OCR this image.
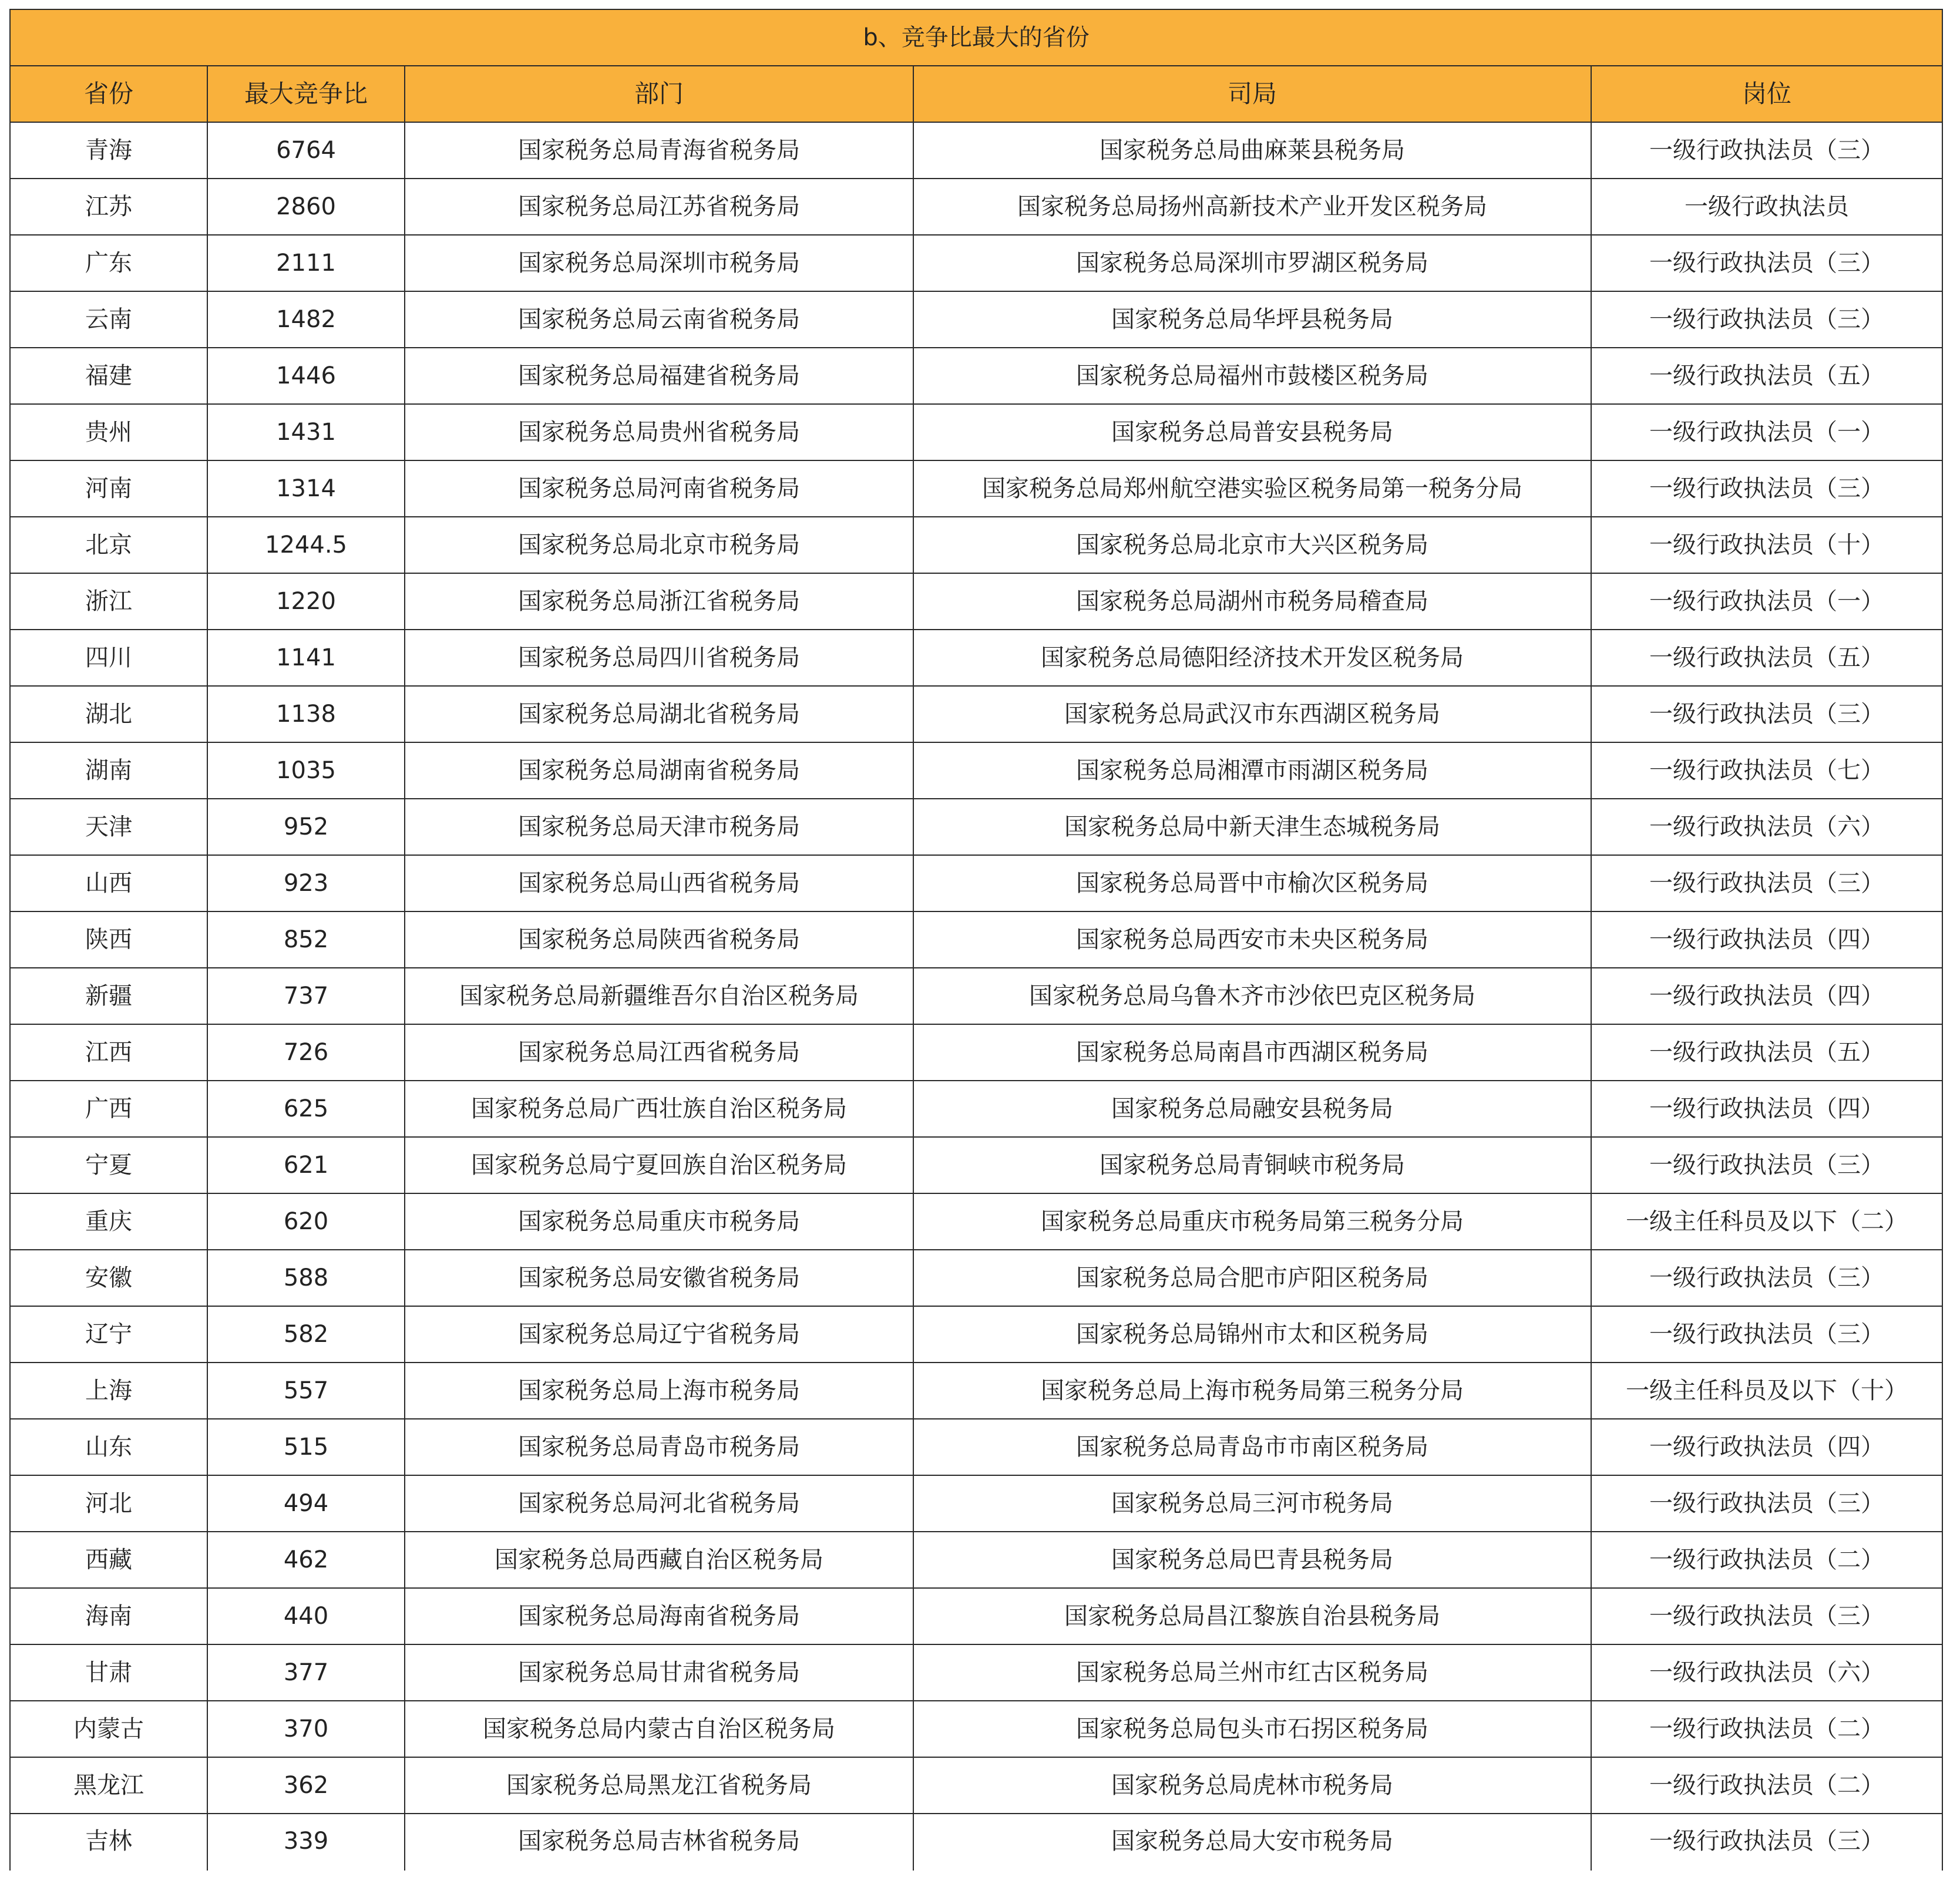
b、竞争比最大的省份				
省份	最大竞争比	部门	司局	岗位
青海	6764	国家税务总局青海省税务局	国家税务总局曲麻莱县税务局	一级行政执法员（三）
江苏	2860	国家税务总局江苏省税务局	国家税务总局扬州高新技术产业开发区税务局	一级行政执法员
广东	2111	国家税务总局深圳市税务局	国家税务总局深圳市罗湖区税务局	一级行政执法员（三）
云南	1482	国家税务总局云南省税务局	国家税务总局华坪县税务局	一级行政执法员（三）
福建	1446	国家税务总局福建省税务局	国家税务总局福州市鼓楼区税务局	一级行政执法员（五）
贵州	1431	国家税务总局贵州省税务局	国家税务总局普安县税务局	一级行政执法员（一）
河南	1314	国家税务总局河南省税务局	国家税务总局郑州航空港实验区税务局第一税务分局	一级行政执法员（三）
北京	1244.5	国家税务总局北京市税务局	国家税务总局北京市大兴区税务局	一级行政执法员（十）
浙江	1220	国家税务总局浙江省税务局	国家税务总局湖州市税务局稽查局	一级行政执法员（一）
四川	1141	国家税务总局四川省税务局	国家税务总局德阳经济技术开发区税务局	一级行政执法员（五）
湖北	1138	国家税务总局湖北省税务局	国家税务总局武汉市东西湖区税务局	一级行政执法员（三）
湖南	1035	国家税务总局湖南省税务局	国家税务总局湘潭市雨湖区税务局	一级行政执法员（七）
天津	952	国家税务总局天津市税务局	国家税务总局中新天津生态城税务局	一级行政执法员（六）
山西	923	国家税务总局山西省税务局	国家税务总局晋中市榆次区税务局	一级行政执法员（三）
陕西	852	国家税务总局陕西省税务局	国家税务总局西安市未央区税务局	一级行政执法员（四）
新疆	737	国家税务总局新疆维吾尔自治区税务局	国家税务总局乌鲁木齐市沙依巴克区税务局	一级行政执法员（四）
江西	726	国家税务总局江西省税务局	国家税务总局南昌市西湖区税务局	一级行政执法员（五）
广西	625	国家税务总局广西壮族自治区税务局	国家税务总局融安县税务局	一级行政执法员（四）
宁夏	621	国家税务总局宁夏回族自治区税务局	国家税务总局青铜峡市税务局	一级行政执法员（三）
重庆	620	国家税务总局重庆市税务局	国家税务总局重庆市税务局第三税务分局	一级主任科员及以下（二）
安徽	588	国家税务总局安徽省税务局	国家税务总局合肥市庐阳区税务局	一级行政执法员（三）
辽宁	582	国家税务总局辽宁省税务局	国家税务总局锦州市太和区税务局	一级行政执法员（三）
上海	557	国家税务总局上海市税务局	国家税务总局上海市税务局第三税务分局	一级主任科员及以下（十）
山东	515	国家税务总局青岛市税务局	国家税务总局青岛市市南区税务局	一级行政执法员（四）
河北	494	国家税务总局河北省税务局	国家税务总局三河市税务局	一级行政执法员（三）
西藏	462	国家税务总局西藏自治区税务局	国家税务总局巴青县税务局	一级行政执法员（二）
海南	440	国家税务总局海南省税务局	国家税务总局昌江黎族自治县税务局	一级行政执法员（三）
甘肃	377	国家税务总局甘肃省税务局	国家税务总局兰州市红古区税务局	一级行政执法员（六）
内蒙古	370	国家税务总局内蒙古自治区税务局	国家税务总局包头市石拐区税务局	一级行政执法员（二）
黑龙江	362	国家税务总局黑龙江省税务局	国家税务总局虎林市税务局	一级行政执法员（二）
吉林	339	国家税务总局吉林省税务局	国家税务总局大安市税务局	一级行政执法员（三）
